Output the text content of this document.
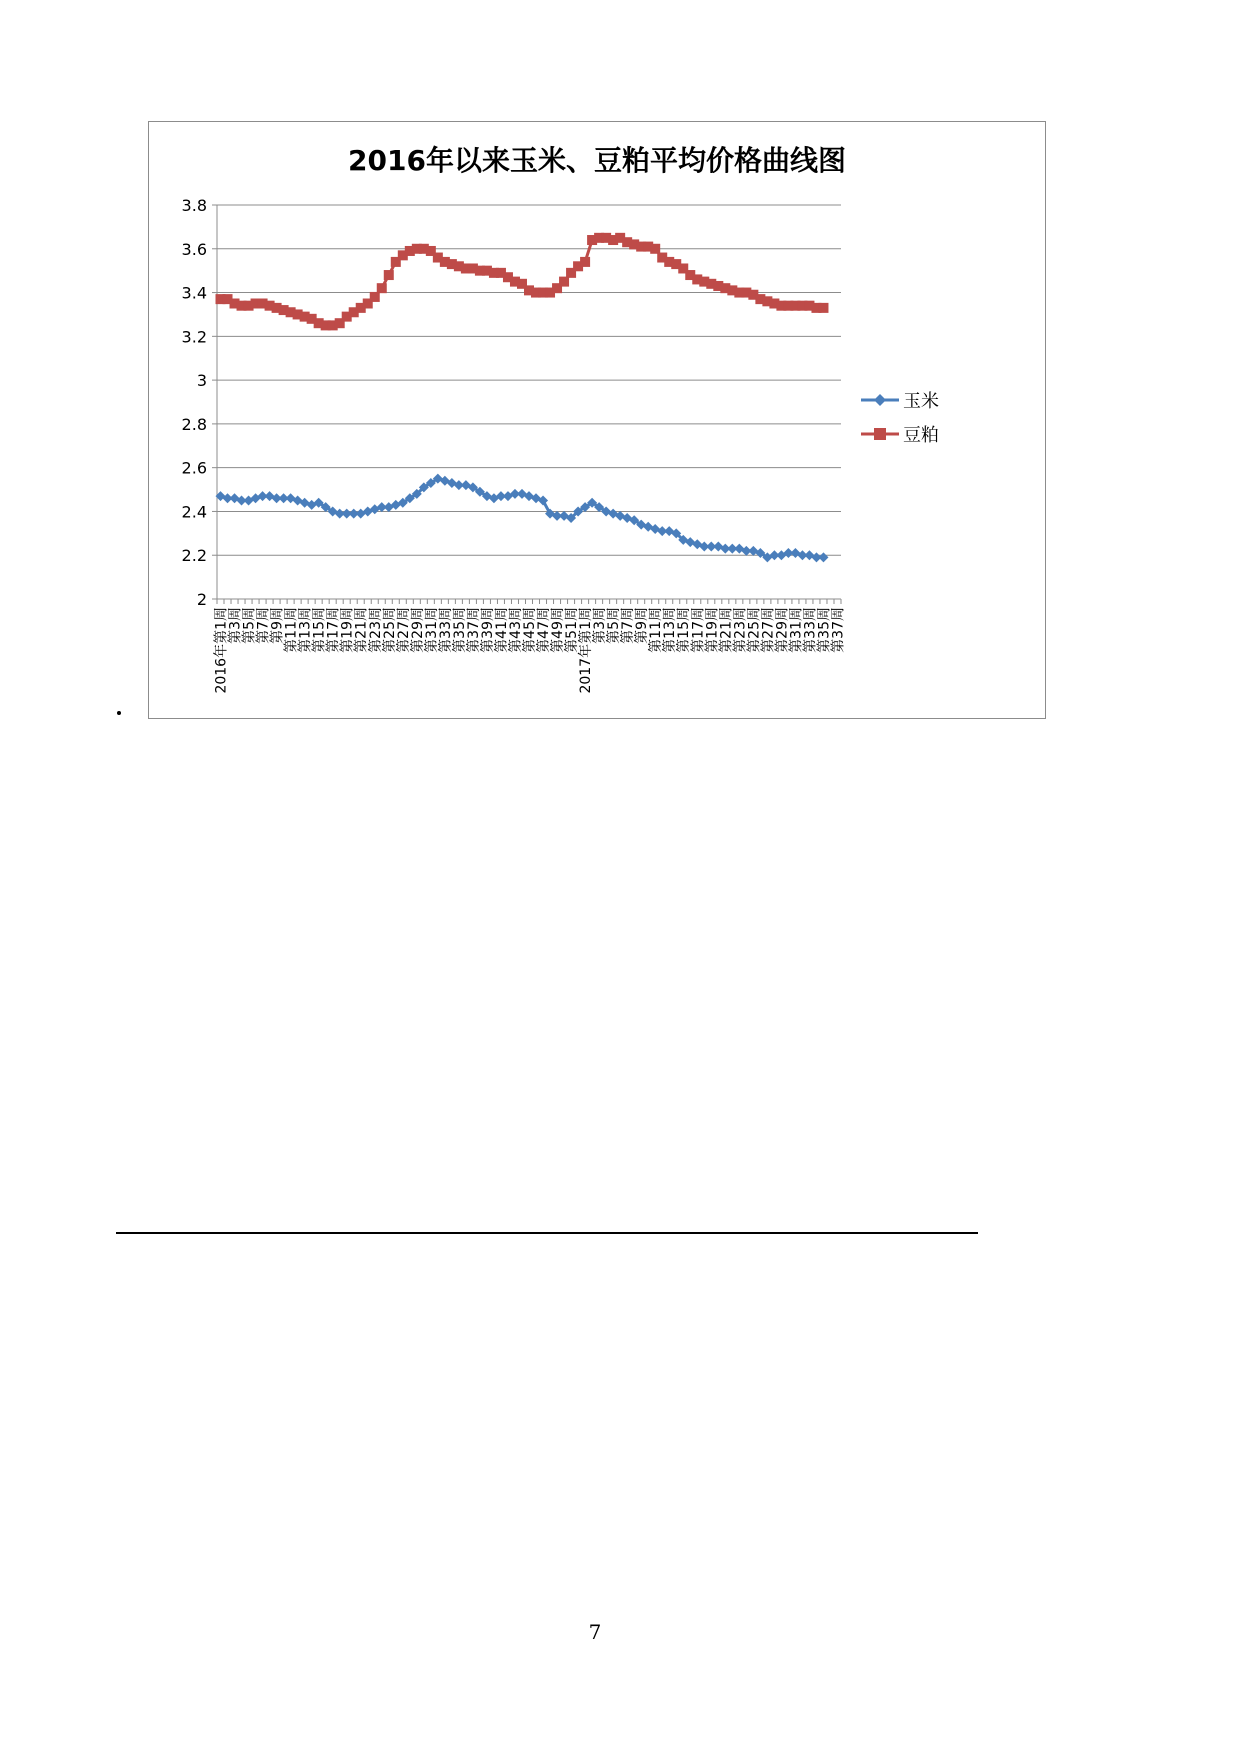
2016年以来玉米、豆粕平均价格曲线图
3.8
3.6
3.4
3.2
3
2.8
2.6
2.4
2.2
2
2016年第1周
第3周
第5周
第7周
第9周
第11周
第13周
第15周
第17周
第19周
第21周
第23周
第25周
第27周
第29周
第31周
第33周
第35周
第37周
第39周
第41周
第43周
第45周
第47周
第49周
第51周
2017年第1周
第3周
第5周
第7周
第9周
第11周
第13周
第15周
第17周
第19周
第21周
第23周
第25周
第27周
第29周
第31周
第33周
第35周
第37周
玉米
豆粕
7
